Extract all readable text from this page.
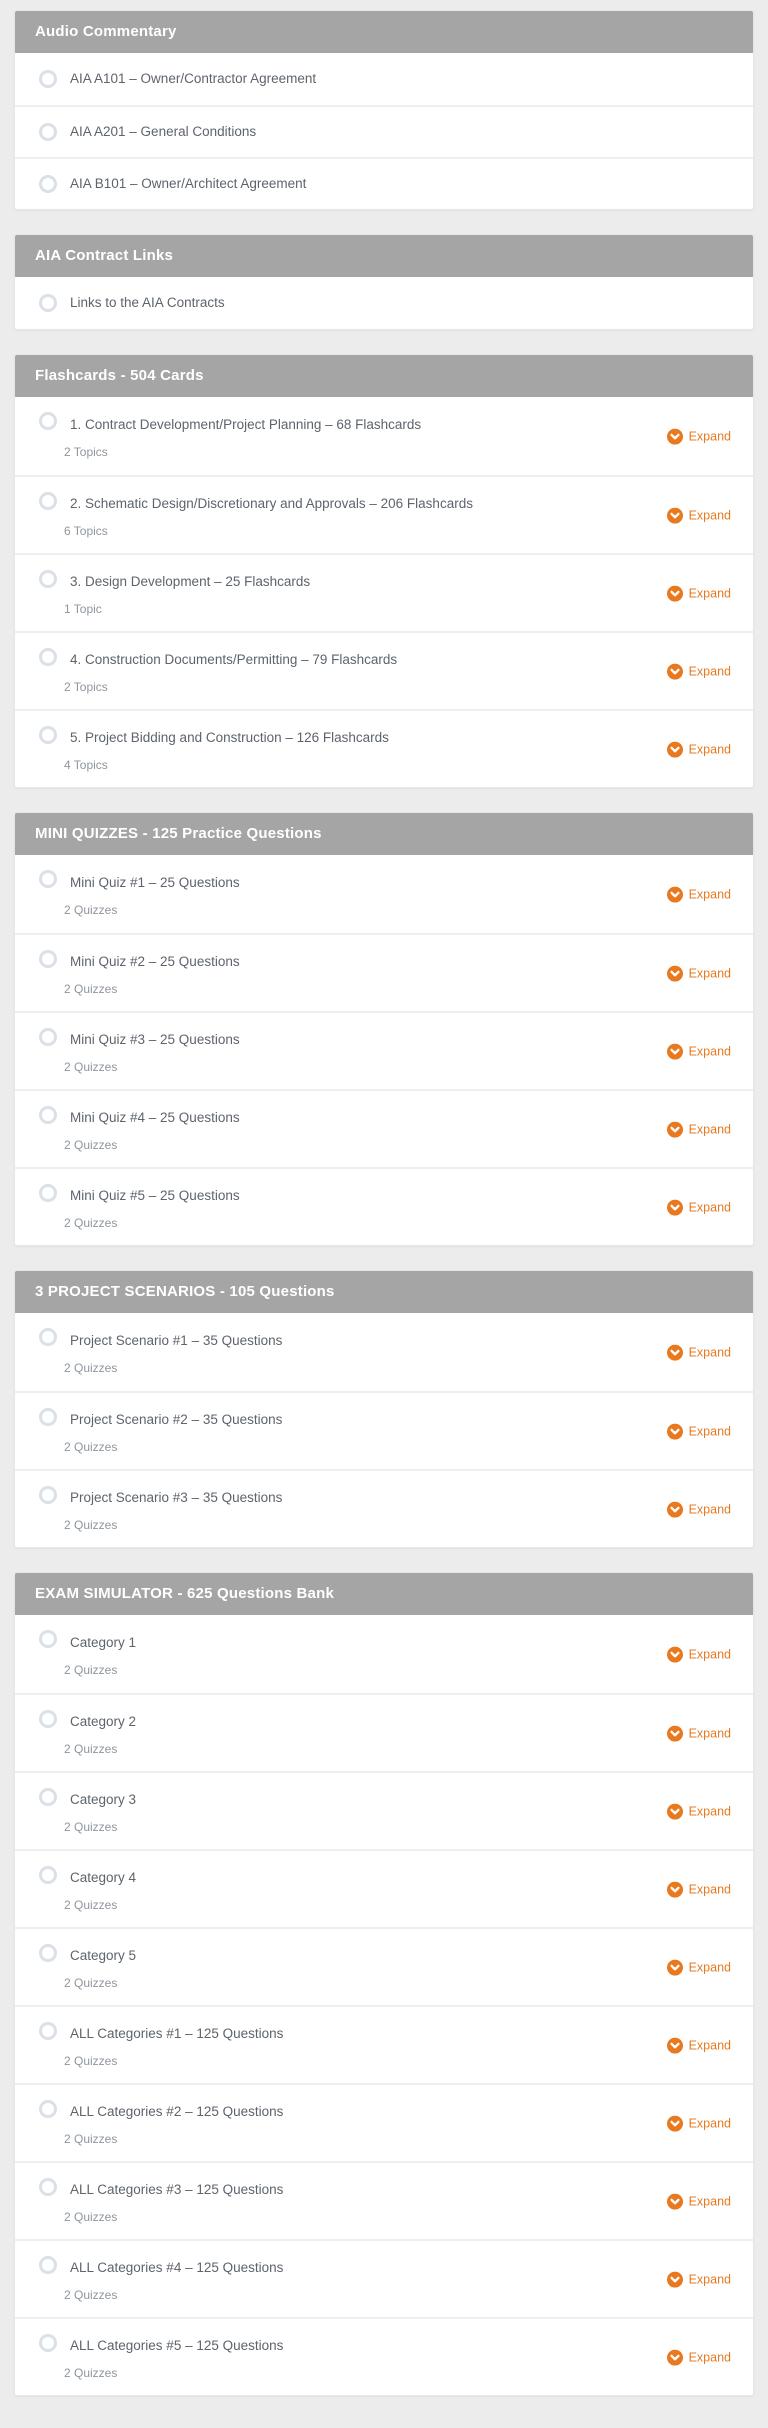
Audio Commentary
AIA A101 – Owner/Contractor Agreement
AIA A201 – General Conditions
AIA B101 – Owner/Architect Agreement
AIA Contract Links
Links to the AIA Contracts
Flashcards - 504 Cards
1. Contract Development/Project Planning – 68 Flashcards
2 Topics
Expand
2. Schematic Design/Discretionary and Approvals – 206 Flashcards
6 Topics
Expand
3. Design Development – 25 Flashcards
1 Topic
Expand
4. Construction Documents/Permitting – 79 Flashcards
2 Topics
Expand
5. Project Bidding and Construction – 126 Flashcards
4 Topics
Expand
MINI QUIZZES - 125 Practice Questions
Mini Quiz #1 – 25 Questions
2 Quizzes
Expand
Mini Quiz #2 – 25 Questions
2 Quizzes
Expand
Mini Quiz #3 – 25 Questions
2 Quizzes
Expand
Mini Quiz #4 – 25 Questions
2 Quizzes
Expand
Mini Quiz #5 – 25 Questions
2 Quizzes
Expand
3 PROJECT SCENARIOS - 105 Questions
Project Scenario #1 – 35 Questions
2 Quizzes
Expand
Project Scenario #2 – 35 Questions
2 Quizzes
Expand
Project Scenario #3 – 35 Questions
2 Quizzes
Expand
EXAM SIMULATOR - 625 Questions Bank
Category 1
2 Quizzes
Expand
Category 2
2 Quizzes
Expand
Category 3
2 Quizzes
Expand
Category 4
2 Quizzes
Expand
Category 5
2 Quizzes
Expand
ALL Categories #1 – 125 Questions
2 Quizzes
Expand
ALL Categories #2 – 125 Questions
2 Quizzes
Expand
ALL Categories #3 – 125 Questions
2 Quizzes
Expand
ALL Categories #4 – 125 Questions
2 Quizzes
Expand
ALL Categories #5 – 125 Questions
2 Quizzes
Expand
